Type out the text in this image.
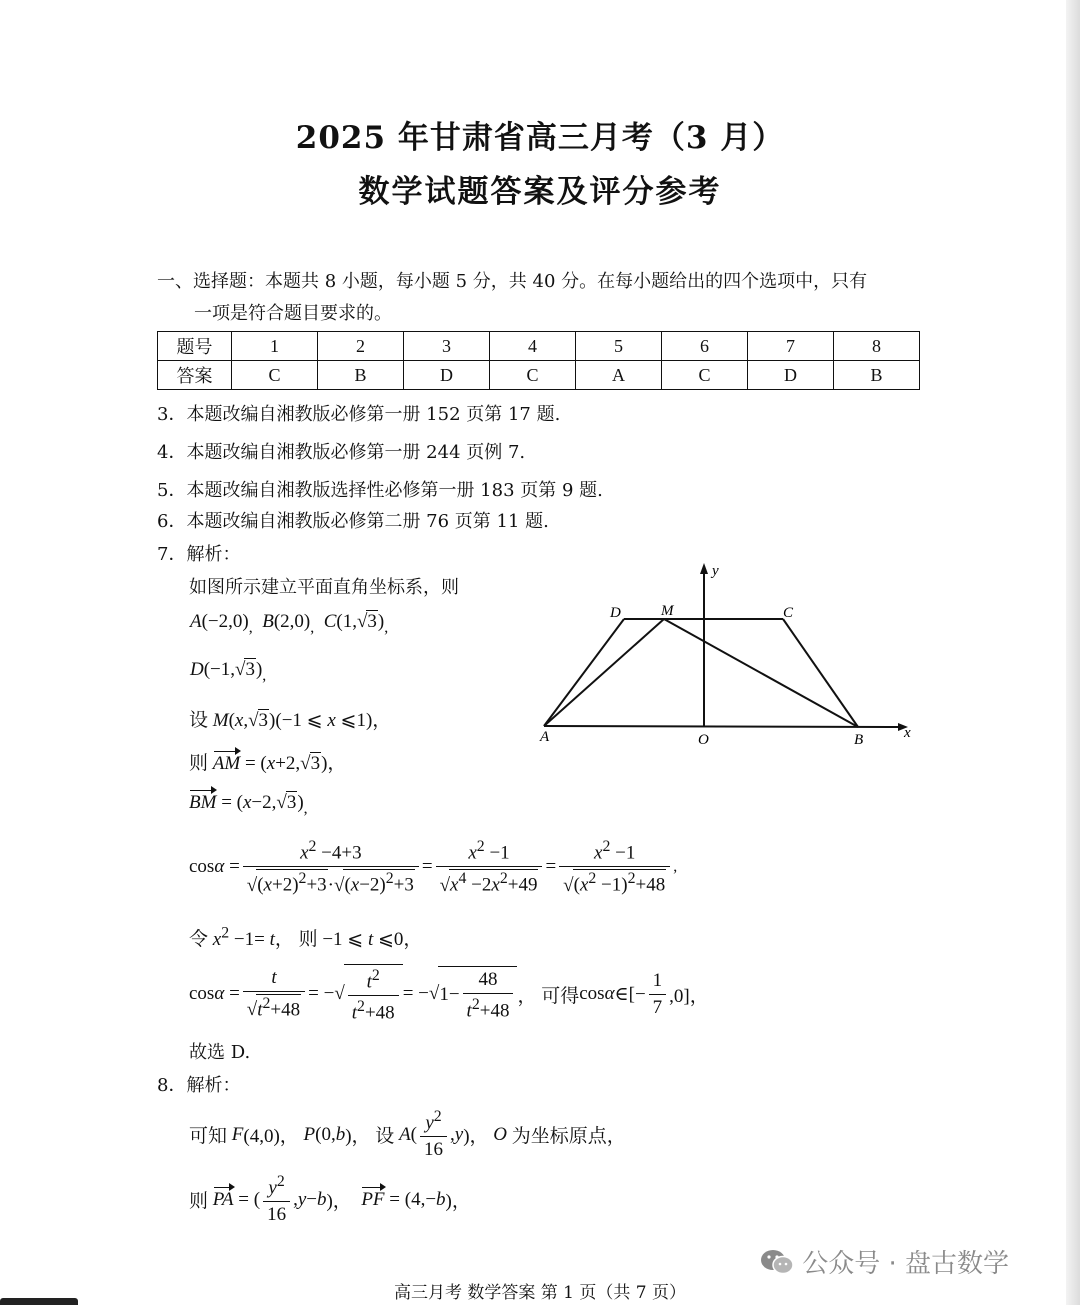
2025 年甘肃省高三月考（3 月）
数学试题答案及评分参考
一、选择题：本题共 8 小题，每小题 5 分，共 40 分。在每小题给出的四个选项中，只有
一项是符合题目要求的。
题号	1	2	3	4	5	6	7	8
答案	C	B	D	C	A	C	D	B
3．本题改编自湘教版必修第一册 152 页第 17 题.
4．本题改编自湘教版必修第一册 244 页例 7.
5．本题改编自湘教版选择性必修第一册 183 页第 9 题.
6．本题改编自湘教版必修第二册 76 页第 11 题.
7．解析：
如图所示建立平面直角坐标系，则
$A(-2,0)_,$ $B(2,0)_,$ C(1, √ $3)_,$
D(−1, √ $3)_,$
设 M(x, √ 3)(−1 ⩽ x ⩽1)，
则 AM = (x+2, √ 3)，
BM = (x−2, √ $3)_,$
$\cos \alpha = x^2 -4+3$
√ $(x+2)^2+3\cdot$ √ $(x-2)^2+3 = x^2 -1$
√ $x^4 -2x^2+49 = x^2 -1$
√ $(x^2 -1)^2+48$ ,
令 $x^2 -1= t$， 则 −1 ⩽ t ⩽0，
cos α = t
√ $t^2+48$ = −
√ $\frac{t^2}{t^2+48}$ = − √ $1- \frac{48}{t^2+48}$ ， 可得 cos α ∈[− $\frac{1}{7} ,0$]，
故选 D.
y
x
D	M	C
A	O	B
8．解析：
可知
F (4,0)， P (0, b )， 设
A ( $\frac{y^2}{16}$ , y )， O
为坐标原点，
则
PA = ( $\frac{y^2}{16}$ , y − b )， PF = (4,− b )，
公众号 · 盘古数学
高三月考 数学答案 第 1 页（共 7 页）
